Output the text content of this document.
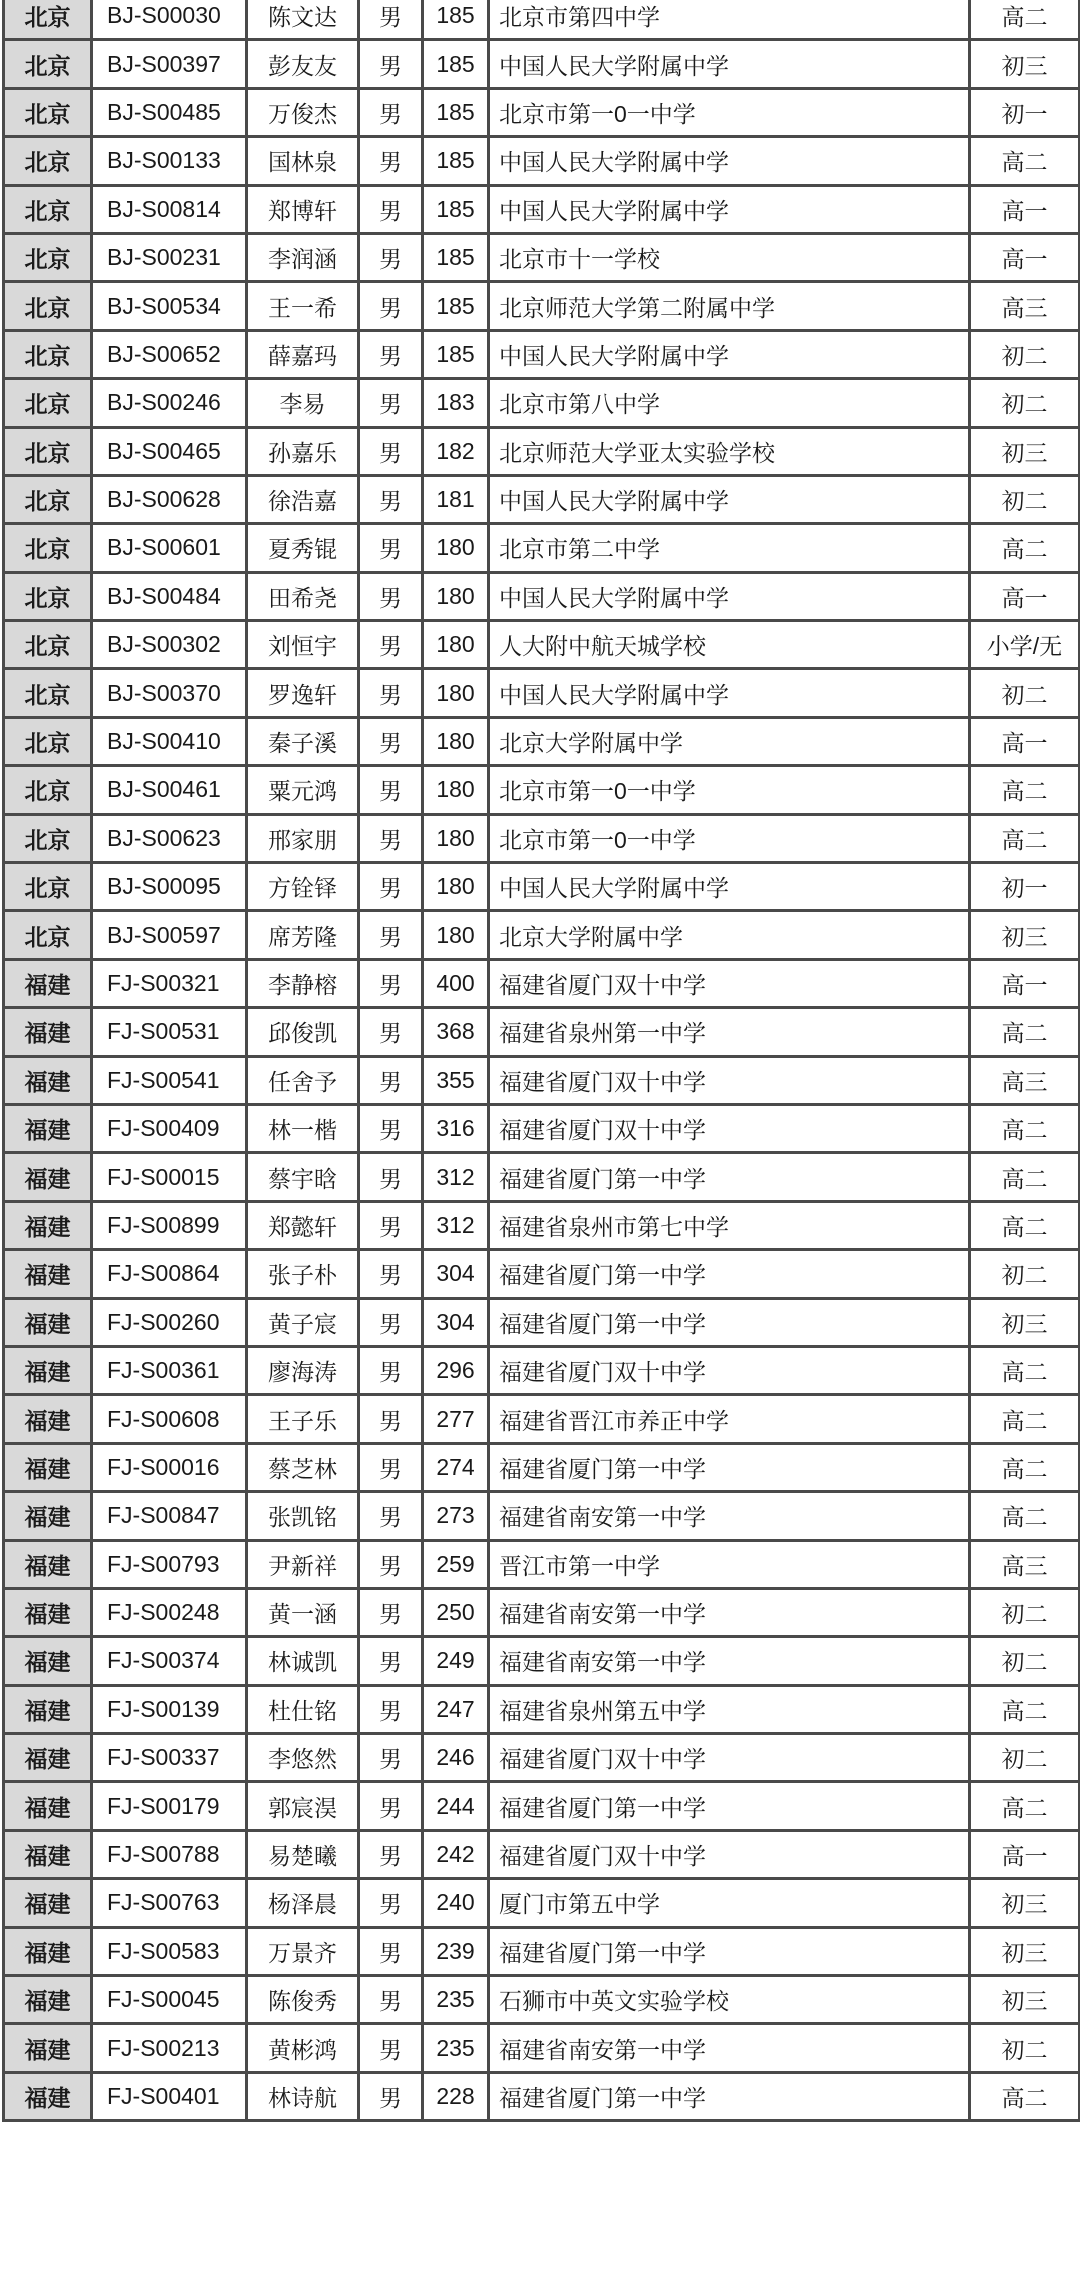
北京	BJ-S00030	陈文达	男	185	北京市第四中学	高二
北京	BJ-S00397	彭友友	男	185	中国人民大学附属中学	初三
北京	BJ-S00485	万俊杰	男	185	北京市第一0一中学	初一
北京	BJ-S00133	国林泉	男	185	中国人民大学附属中学	高二
北京	BJ-S00814	郑博轩	男	185	中国人民大学附属中学	高一
北京	BJ-S00231	李润涵	男	185	北京市十一学校	高一
北京	BJ-S00534	王一希	男	185	北京师范大学第二附属中学	高三
北京	BJ-S00652	薛嘉玛	男	185	中国人民大学附属中学	初二
北京	BJ-S00246	李易	男	183	北京市第八中学	初二
北京	BJ-S00465	孙嘉乐	男	182	北京师范大学亚太实验学校	初三
北京	BJ-S00628	徐浩嘉	男	181	中国人民大学附属中学	初二
北京	BJ-S00601	夏秀锟	男	180	北京市第二中学	高二
北京	BJ-S00484	田希尧	男	180	中国人民大学附属中学	高一
北京	BJ-S00302	刘恒宇	男	180	人大附中航天城学校	小学/无
北京	BJ-S00370	罗逸轩	男	180	中国人民大学附属中学	初二
北京	BJ-S00410	秦子溪	男	180	北京大学附属中学	高一
北京	BJ-S00461	粟元鸿	男	180	北京市第一0一中学	高二
北京	BJ-S00623	邢家朋	男	180	北京市第一0一中学	高二
北京	BJ-S00095	方铨铎	男	180	中国人民大学附属中学	初一
北京	BJ-S00597	席芳隆	男	180	北京大学附属中学	初三
福建	FJ-S00321	李静榕	男	400	福建省厦门双十中学	高一
福建	FJ-S00531	邱俊凯	男	368	福建省泉州第一中学	高二
福建	FJ-S00541	任舍予	男	355	福建省厦门双十中学	高三
福建	FJ-S00409	林一楷	男	316	福建省厦门双十中学	高二
福建	FJ-S00015	蔡宇晗	男	312	福建省厦门第一中学	高二
福建	FJ-S00899	郑懿轩	男	312	福建省泉州市第七中学	高二
福建	FJ-S00864	张子朴	男	304	福建省厦门第一中学	初二
福建	FJ-S00260	黄子宸	男	304	福建省厦门第一中学	初三
福建	FJ-S00361	廖海涛	男	296	福建省厦门双十中学	高二
福建	FJ-S00608	王子乐	男	277	福建省晋江市养正中学	高二
福建	FJ-S00016	蔡芝林	男	274	福建省厦门第一中学	高二
福建	FJ-S00847	张凯铭	男	273	福建省南安第一中学	高二
福建	FJ-S00793	尹新祥	男	259	晋江市第一中学	高三
福建	FJ-S00248	黄一涵	男	250	福建省南安第一中学	初二
福建	FJ-S00374	林诚凯	男	249	福建省南安第一中学	初二
福建	FJ-S00139	杜仕铭	男	247	福建省泉州第五中学	高二
福建	FJ-S00337	李悠然	男	246	福建省厦门双十中学	初二
福建	FJ-S00179	郭宸淏	男	244	福建省厦门第一中学	高二
福建	FJ-S00788	易楚曦	男	242	福建省厦门双十中学	高一
福建	FJ-S00763	杨泽晨	男	240	厦门市第五中学	初三
福建	FJ-S00583	万景齐	男	239	福建省厦门第一中学	初三
福建	FJ-S00045	陈俊秀	男	235	石狮市中英文实验学校	初三
福建	FJ-S00213	黄彬鸿	男	235	福建省南安第一中学	初二
福建	FJ-S00401	林诗航	男	228	福建省厦门第一中学	高二
